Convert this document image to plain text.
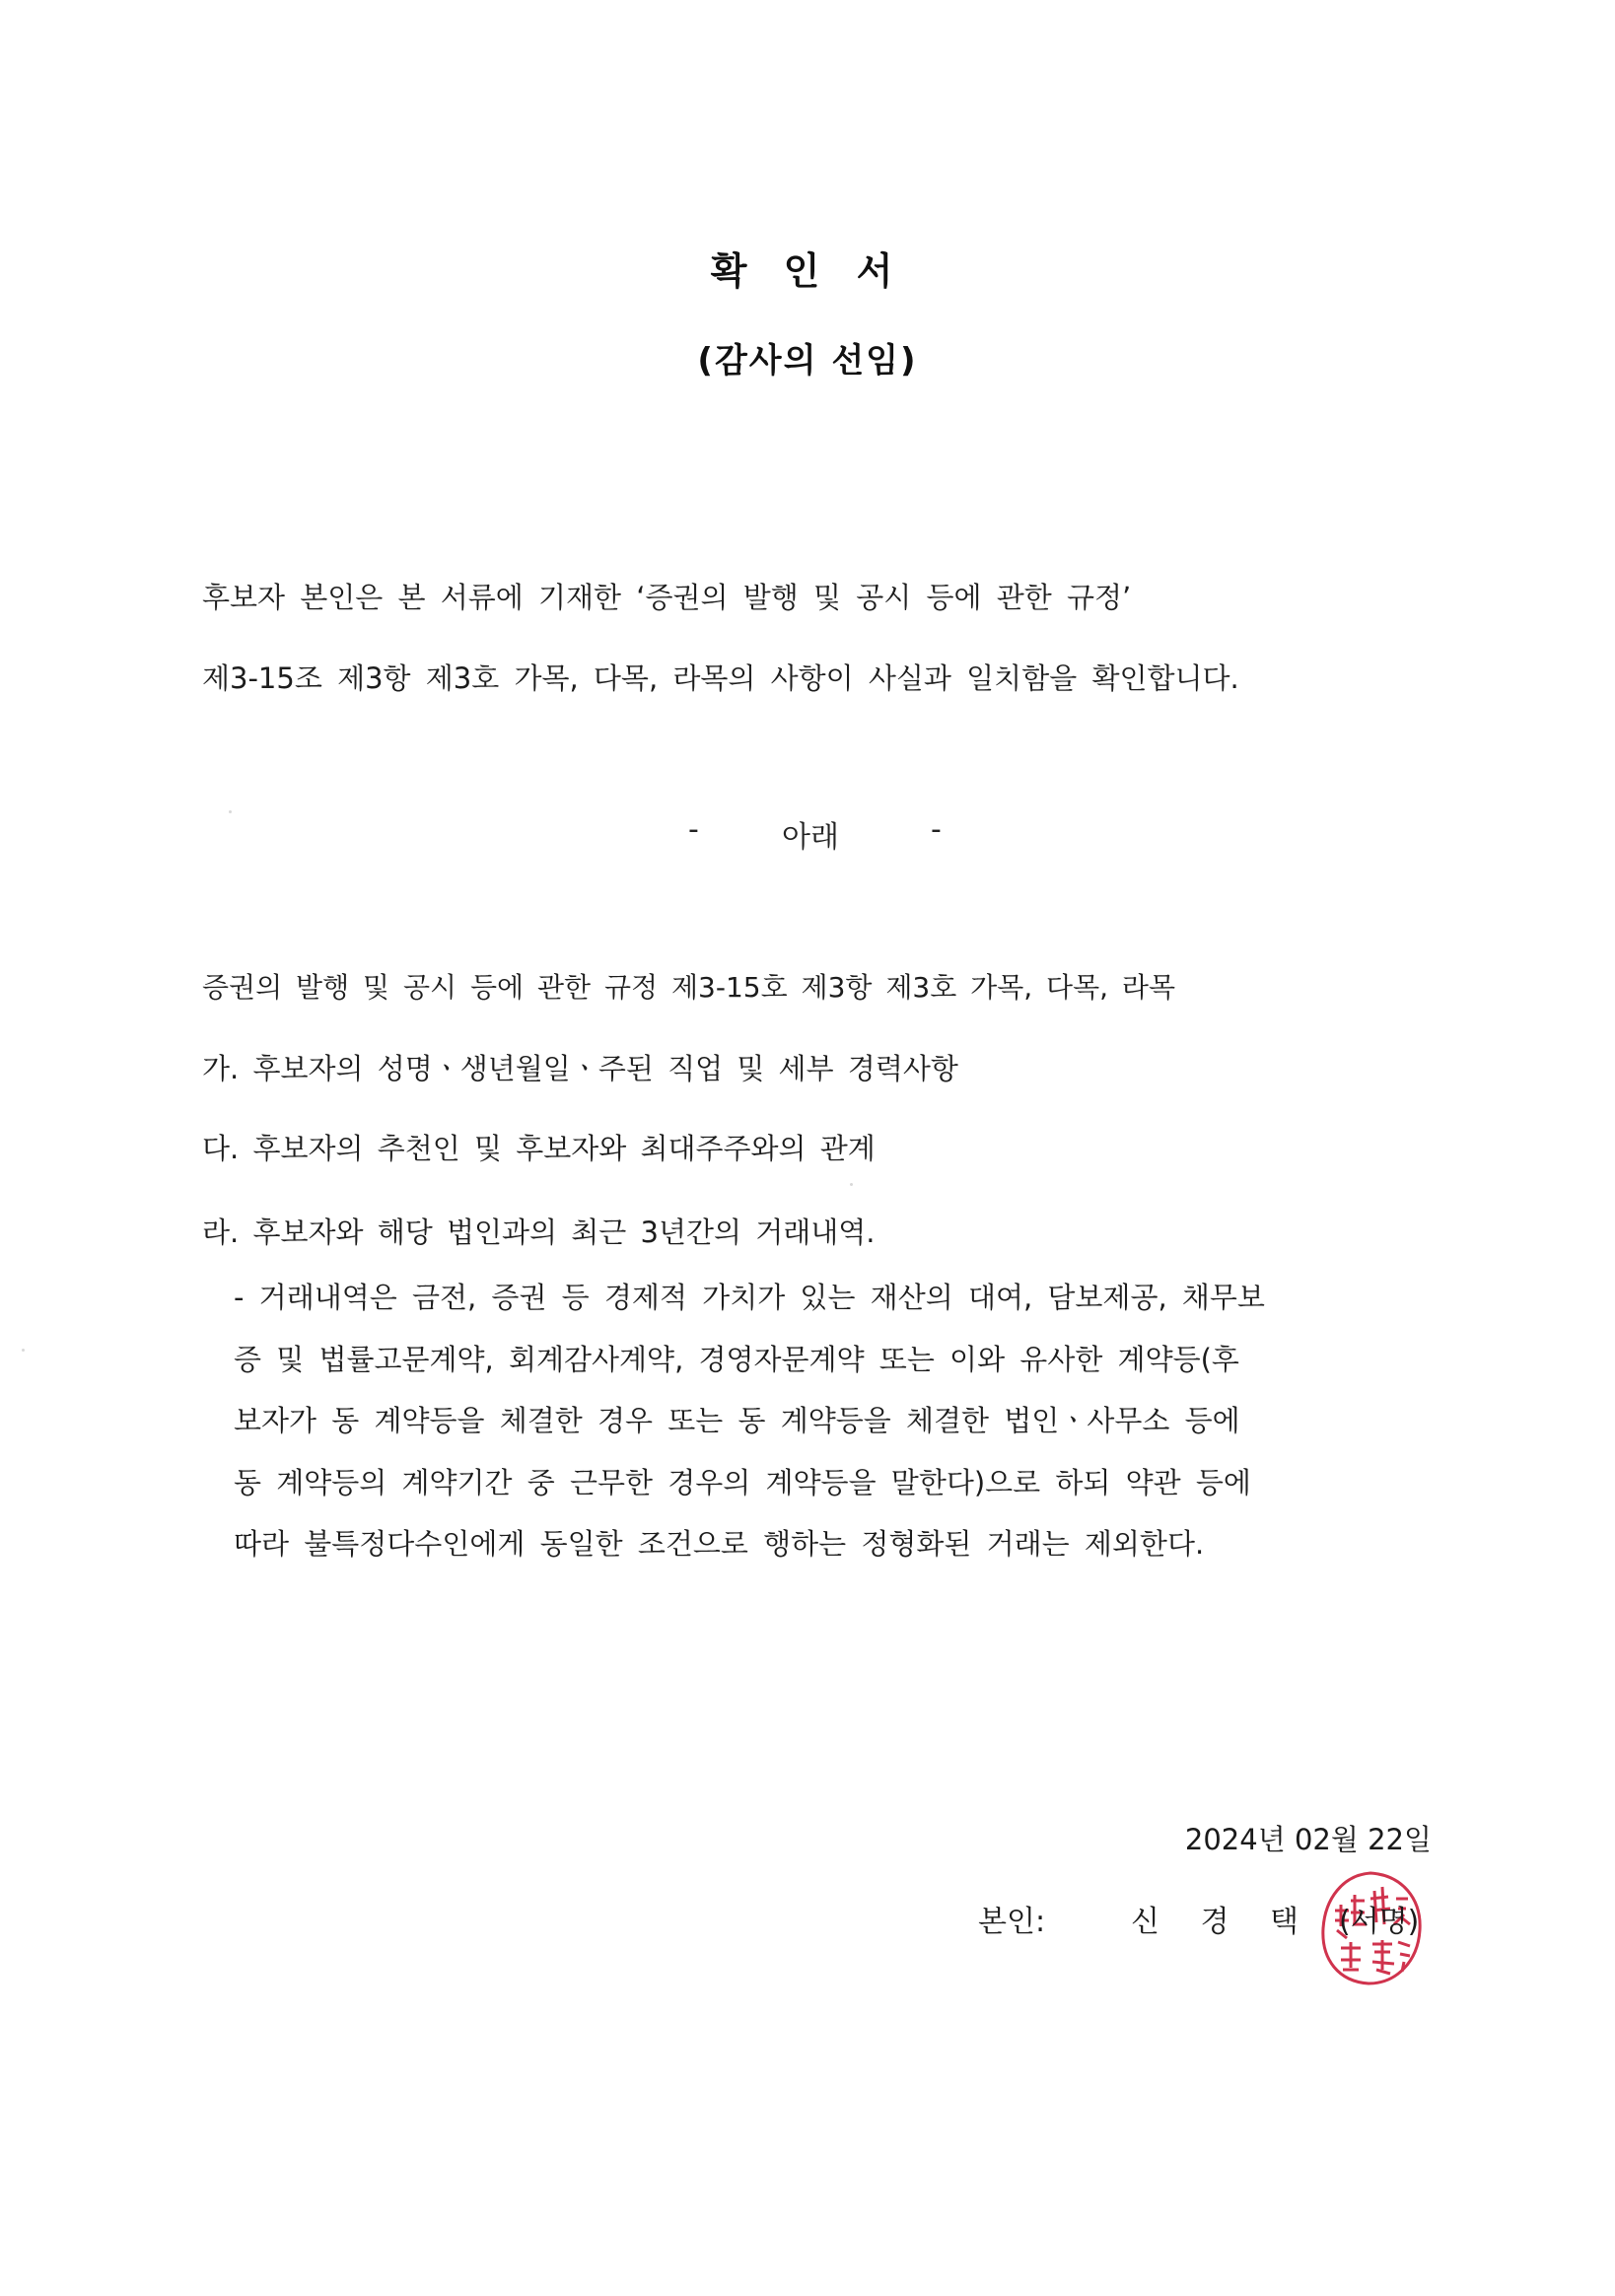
확 인 서
(감사의 선임)
후보자 본인은 본 서류에 기재한 ‘증권의 발행 및 공시 등에 관한 규정’
제3-15조 제3항 제3호 가목, 다목, 라목의 사항이 사실과 일치함을 확인합니다.
-	아래	-
증권의 발행 및 공시 등에 관한 규정 제3-15호 제3항 제3호 가목, 다목, 라목
가. 후보자의 성명ㆍ생년월일ㆍ주된 직업 및 세부 경력사항
다. 후보자의 추천인 및 후보자와 최대주주와의 관계
라. 후보자와 해당 법인과의 최근 3년간의 거래내역.
- 거래내역은 금전, 증권 등 경제적 가치가 있는 재산의 대여, 담보제공, 채무보
증 및 법률고문계약, 회계감사계약, 경영자문계약 또는 이와 유사한 계약등(후
보자가 동 계약등을 체결한 경우 또는 동 계약등을 체결한 법인ㆍ사무소 등에
동 계약등의 계약기간 중 근무한 경우의 계약등을 말한다)으로 하되 약관 등에
따라 불특정다수인에게 동일한 조건으로 행하는 정형화된 거래는 제외한다.
2024년 02월 22일
본인:	신 경 택 (서명)
